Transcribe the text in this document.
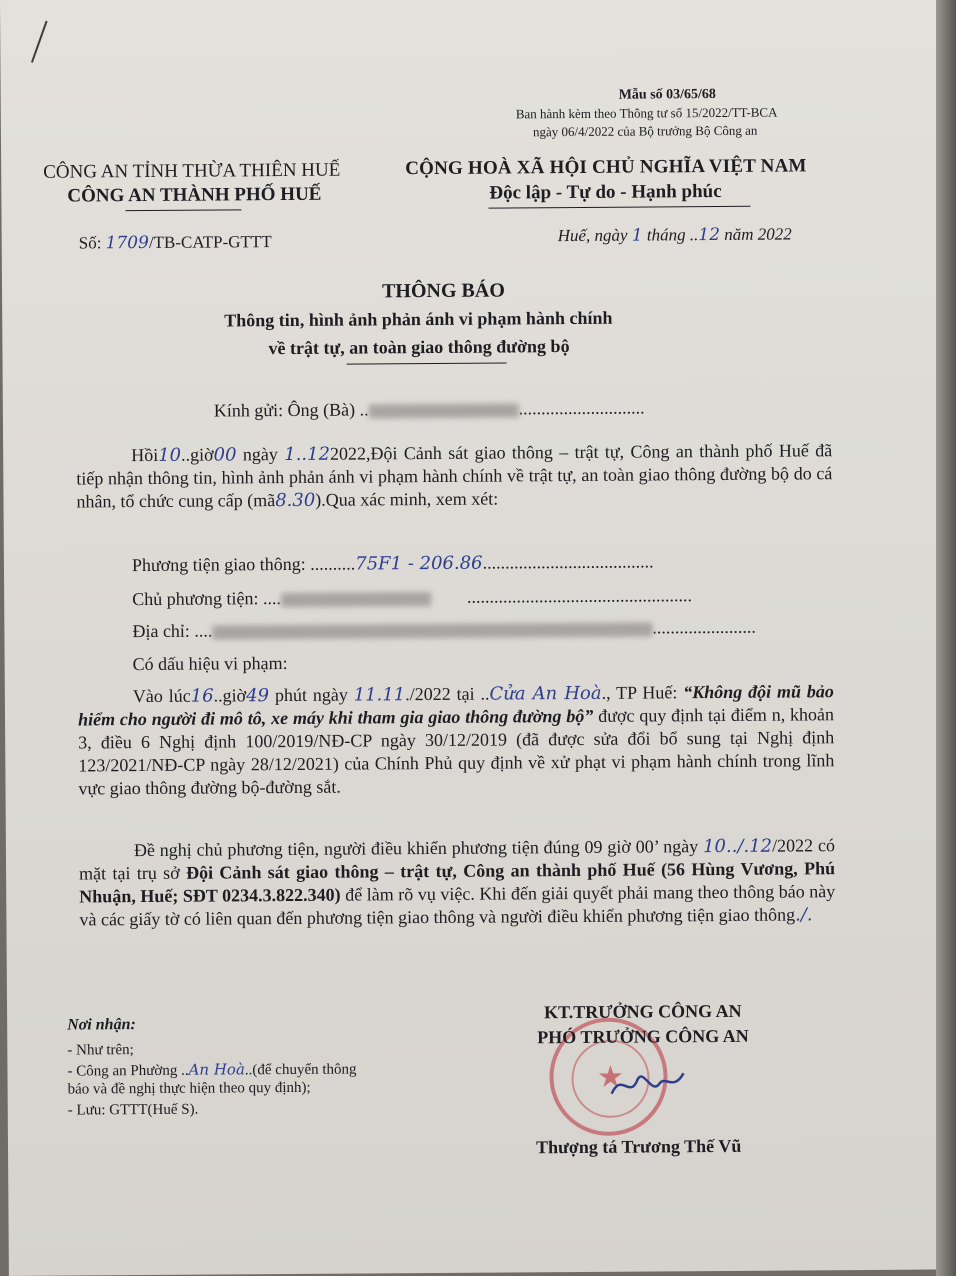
Mẫu số 03/65/68
Ban hành kèm theo Thông tư số 15/2022/TT-BCA
ngày 06/4/2022 của Bộ trưởng Bộ Công an
CÔNG AN TỈNH THỪA THIÊN HUẾ
CÔNG AN THÀNH PHỐ HUẾ
CỘNG HOÀ XÃ HỘI CHỦ NGHĨA VIỆT NAM
Độc lập - Tự do - Hạnh phúc
Số: 1709/TB-CATP-GTTT	Huế, ngày 1 tháng ..12 năm 2022
THÔNG BÁO
Thông tin, hình ảnh phản ánh vi phạm hành chính
về trật tự, an toàn giao thông đường bộ
Kính gửi: Ông (Bà) ..	............................
Hồi10..giờ00 ngày 1..122022,Đội Cảnh sát giao thông – trật tự, Công an thành phố Huế đã tiếp nhận thông tin, hình ảnh phản ánh vi phạm hành chính về trật tự, an toàn giao thông đường bộ do cá nhân, tổ chức cung cấp (mã8.30).Qua xác minh, xem xét:
Phương tiện giao thông: ..........75F1 - 206.86......................................
Chủ phương tiện: ....	..................................................
Địa chỉ: ....	.......................
Có dấu hiệu vi phạm:
Vào lúc16..giờ49 phút ngày 11.11./2022 tại ..Cửa An Hoà., TP Huế: “Không đội mũ bảo hiểm cho người đi mô tô, xe máy khi tham gia giao thông đường bộ” được quy định tại điểm n, khoản 3, điều 6 Nghị định 100/2019/NĐ-CP ngày 30/12/2019 (đã được sửa đổi bổ sung tại Nghị định 123/2021/NĐ-CP ngày 28/12/2021) của Chính Phủ quy định về xử phạt vi phạm hành chính trong lĩnh vực giao thông đường bộ-đường sắt.
Đề nghị chủ phương tiện, người điều khiển phương tiện đúng 09 giờ 00’ ngày 10../.12/2022 có mặt tại trụ sở Đội Cảnh sát giao thông – trật tự, Công an thành phố Huế (56 Hùng Vương, Phú Nhuận, Huế; SĐT 0234.3.822.340) để làm rõ vụ việc. Khi đến giải quyết phải mang theo thông báo này và các giấy tờ có liên quan đến phương tiện giao thông và người điều khiển phương tiện giao thông./.
Nơi nhận:
- Như trên;
- Công an Phường ..An Hoà..(để chuyển thông
báo và đề nghị thực hiện theo quy định);
- Lưu: GTTT(Huế S).
★
KT.TRƯỞNG CÔNG AN
PHÓ TRƯỞNG CÔNG AN
Thượng tá Trương Thế Vũ
